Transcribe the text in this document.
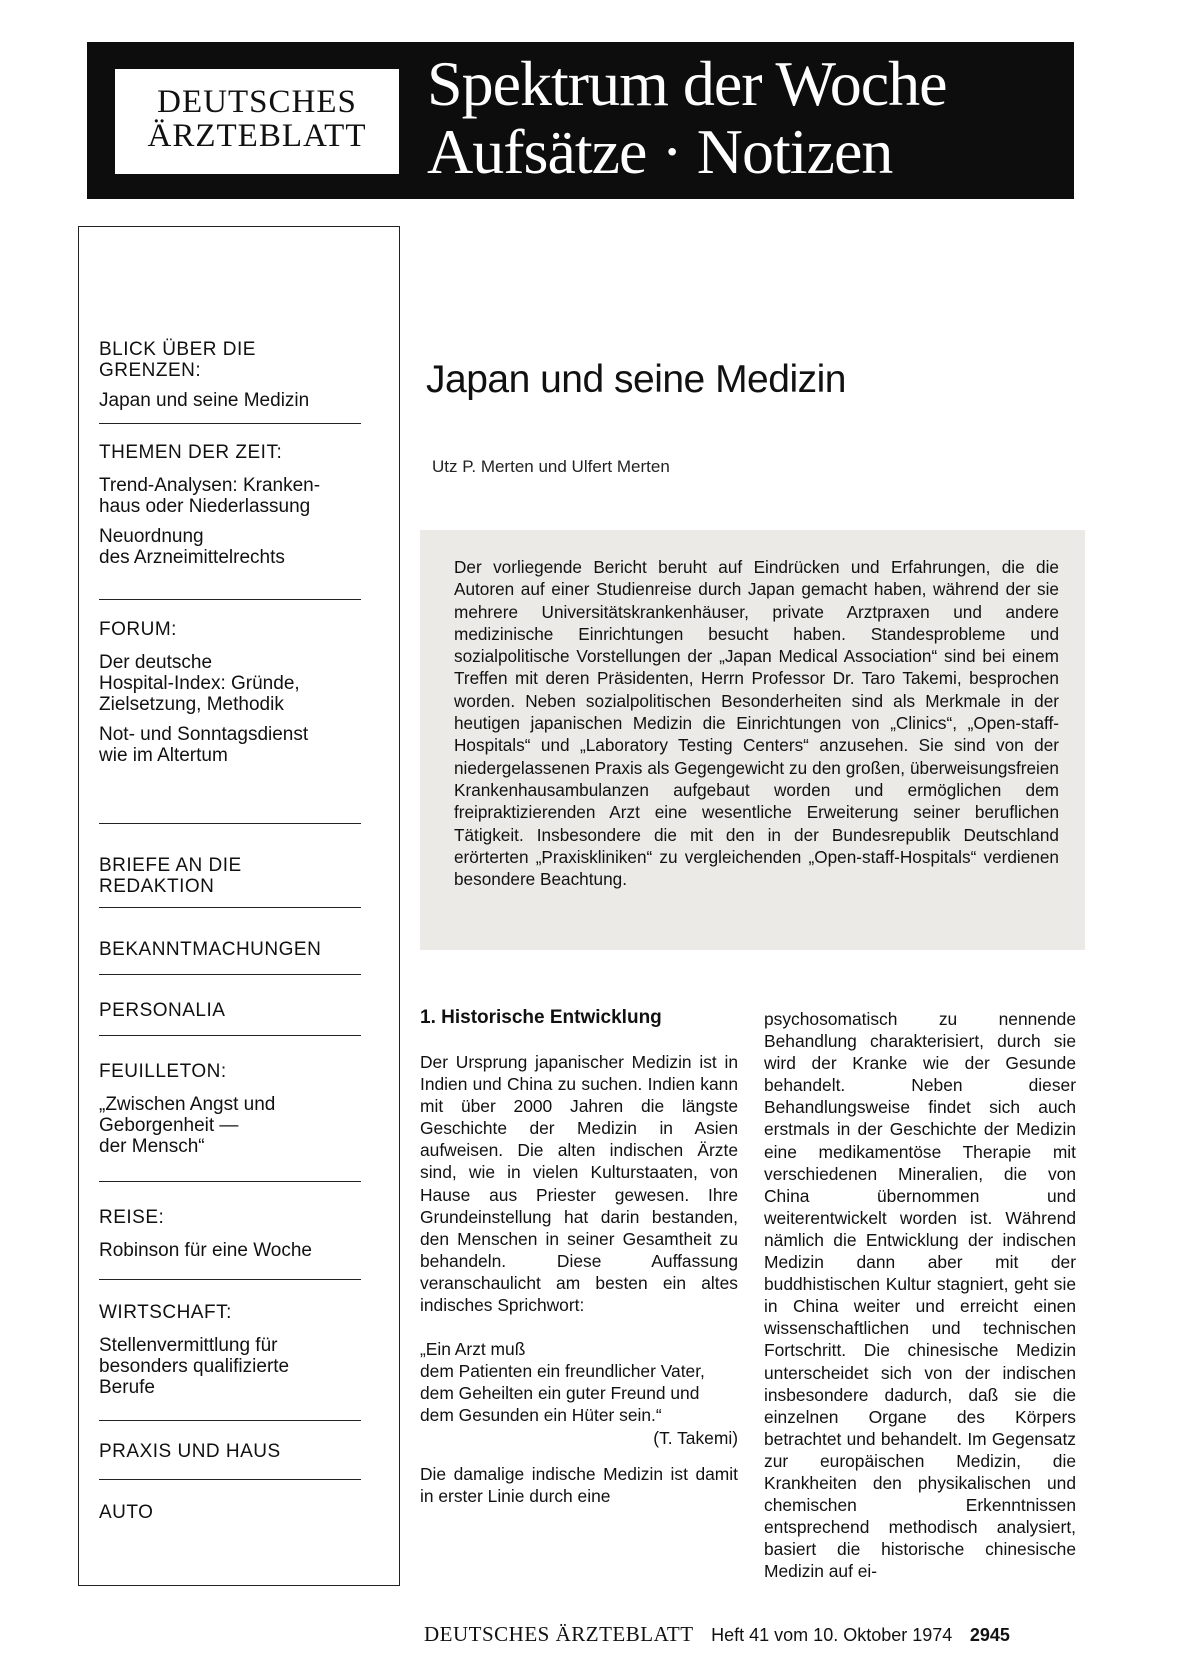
DEUTSCHES
ÄRZTEBLATT
Spektrum der Woche
Aufsätze · Notizen
BLICK ÜBER DIE
GRENZEN:
Japan und seine Medizin
THEMEN DER ZEIT:
Trend-Analysen: Kranken-
haus oder Niederlassung
Neuordnung
des Arzneimittelrechts
FORUM:
Der deutsche
Hospital-Index: Gründe,
Zielsetzung, Methodik
Not- und Sonntagsdienst
wie im Altertum
BRIEFE AN DIE
REDAKTION
BEKANNTMACHUNGEN
PERSONALIA
FEUILLETON:
„Zwischen Angst und
Geborgenheit —
der Mensch“
REISE:
Robinson für eine Woche
WIRTSCHAFT:
Stellenvermittlung für
besonders qualifizierte
Berufe
PRAXIS UND HAUS
AUTO
Japan und seine Medizin
Utz P. Merten und Ulfert Merten
Der vorliegende Bericht beruht auf Eindrücken und Erfahrungen, die die Autoren auf einer Studienreise durch Japan gemacht haben, während der sie mehrere Universitätskrankenhäuser, private Arztpraxen und andere medizinische Einrichtungen besucht haben. Standesprobleme und sozialpolitische Vorstellungen der „Japan Medical Association“ sind bei einem Treffen mit deren Präsidenten, Herrn Professor Dr. Taro Takemi, besprochen worden. Neben sozialpolitischen Besonderheiten sind als Merkmale in der heutigen japanischen Medizin die Einrichtungen von „Clinics“, „Open-staff-Hospitals“ und „Laboratory Testing Centers“ anzusehen. Sie sind von der niedergelassenen Praxis als Gegengewicht zu den großen, überweisungsfreien Krankenhausambulanzen aufgebaut worden und ermöglichen dem freipraktizierenden Arzt eine wesentliche Erweiterung seiner beruflichen Tätigkeit. Insbesondere die mit den in der Bundesrepublik Deutschland erörterten „Praxiskliniken“ zu vergleichenden „Open-staff-Hospitals“ verdienen besondere Beachtung.
1. Historische Entwicklung

Der Ursprung japanischer Medizin ist in Indien und China zu suchen. Indien kann mit über 2000 Jahren die längste Geschichte der Medizin in Asien aufweisen. Die alten indischen Ärzte sind, wie in vielen Kulturstaaten, von Hause aus Priester gewesen. Ihre Grundeinstellung hat darin bestanden, den Menschen in seiner Gesamtheit zu behandeln. Diese Auffassung veranschaulicht am besten ein altes indisches Sprichwort:

„Ein Arzt muß

dem Patienten ein freundlicher Vater,

dem Geheilten ein guter Freund und

dem Gesunden ein Hüter sein.“

(T. Takemi)

Die damalige indische Medizin ist damit in erster Linie durch eine

psychosomatisch zu nennende Behandlung charakterisiert, durch sie wird der Kranke wie der Gesunde behandelt. Neben dieser Behandlungsweise findet sich auch erstmals in der Geschichte der Medizin eine medikamentöse Therapie mit verschiedenen Mineralien, die von China übernommen und weiterentwickelt worden ist. Während nämlich die Entwicklung der indischen Medizin dann aber mit der buddhistischen Kultur stagniert, geht sie in China weiter und erreicht einen wissenschaftlichen und technischen Fortschritt. Die chinesische Medizin unterscheidet sich von der indischen insbesondere dadurch, daß sie die einzelnen Organe des Körpers betrachtet und behandelt. Im Gegensatz zur europäischen Medizin, die Krankheiten den physikalischen und chemischen Erkenntnissen entsprechend methodisch analysiert, basiert die historische chinesische Medizin auf ei-

DEUTSCHES ÄRZTEBLATT Heft 41 vom 10. Oktober 1974 2945
